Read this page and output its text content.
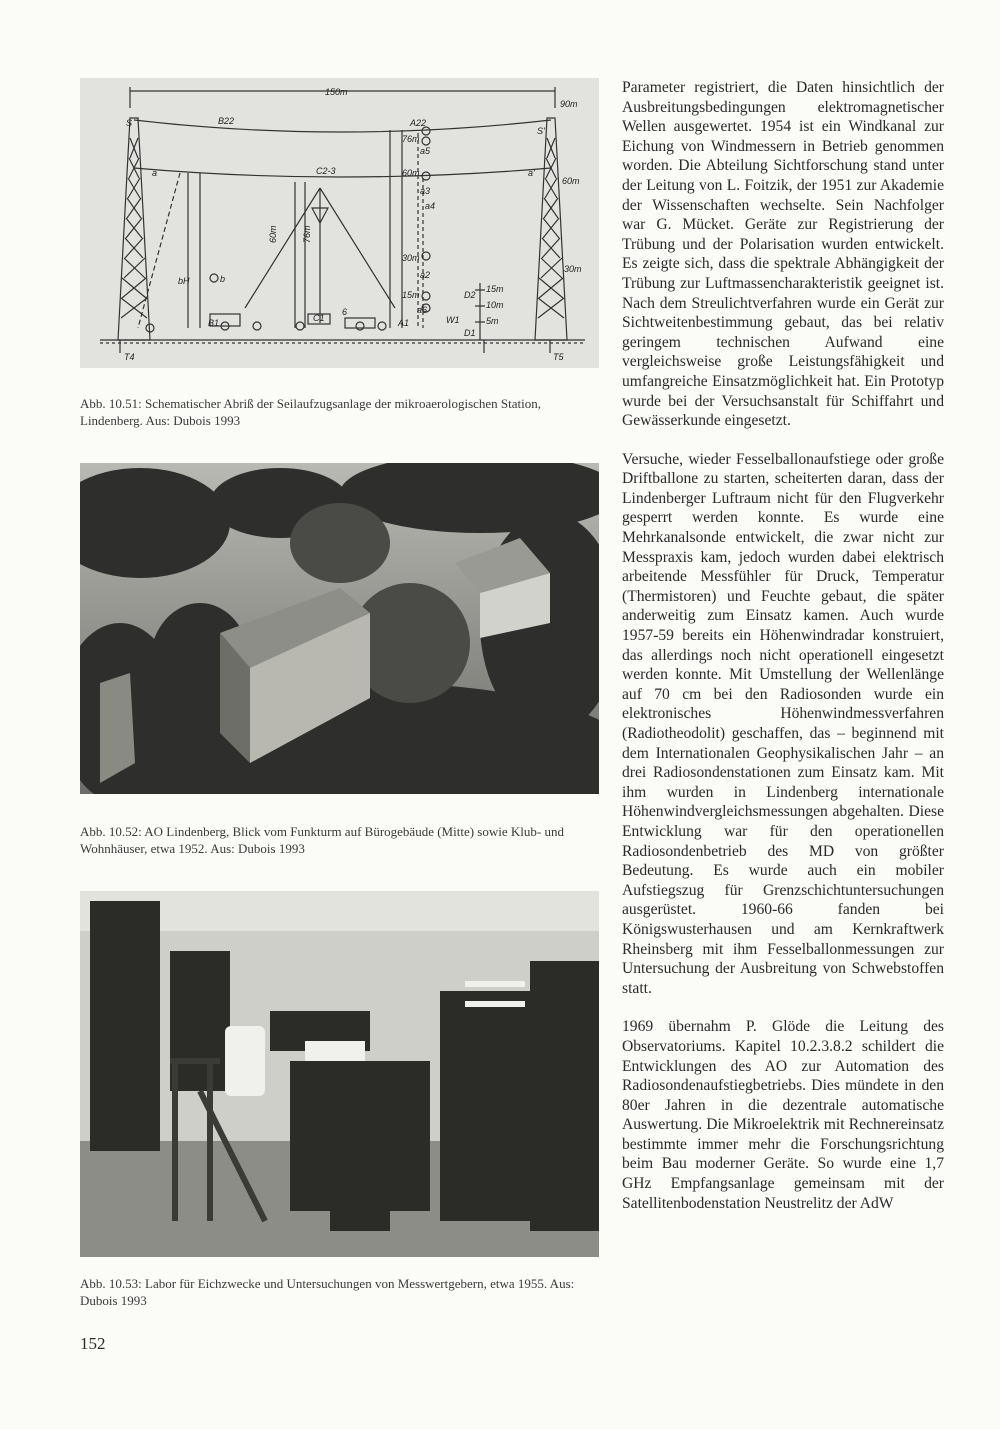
150m
90m
60m
30m
S
S'
a	a'
B22	A22
76m
60m
30m
15m
C2-3
B1	C1
6
A1
bH	b
60m	76m
D2
D1
W1
15m
10m
5m
T4	T5
a2
a3
a4
a5
a6
Abb. 10.51: Schematischer Abriß der Seilaufzugsanlage der mikroaerologischen Station, Lindenberg. Aus: Dubois 1993
Abb. 10.52: AO Lindenberg, Blick vom Funkturm auf Bürogebäude (Mitte) sowie Klub- und Wohnhäuser, etwa 1952. Aus: Dubois 1993
Abb. 10.53: Labor für Eichzwecke und Untersuchungen von Messwertgebern, etwa 1955. Aus: Dubois 1993

Parameter registriert, die Daten hinsichtlich der Ausbreitungsbedingungen elektromagnetischer Wellen ausgewertet. 1954 ist ein Windkanal zur Eichung von Windmessern in Betrieb genommen worden. Die Abteilung Sichtforschung stand unter der Leitung von L. Foitzik, der 1951 zur Akademie der Wissenschaften wechselte. Sein Nachfolger war G. Mücket. Geräte zur Registrierung der Trübung und der Polarisation wurden entwickelt. Es zeigte sich, dass die spektrale Abhängigkeit der Trübung zur Luftmassencharakteristik geeignet ist. Nach dem Streulichtverfahren wurde ein Gerät zur Sichtweitenbestimmung gebaut, das bei relativ geringem technischen Aufwand eine vergleichsweise große Leistungsfähigkeit und umfangreiche Einsatzmöglichkeit hat. Ein Prototyp wurde bei der Versuchsanstalt für Schiffahrt und Gewässerkunde eingesetzt.

Versuche, wieder Fesselballonaufstiege oder große Driftballone zu starten, scheiterten daran, dass der Lindenberger Luftraum nicht für den Flugverkehr gesperrt werden konnte. Es wurde eine Mehrkanalsonde entwickelt, die zwar nicht zur Messpraxis kam, jedoch wurden dabei elektrisch arbeitende Messfühler für Druck, Temperatur (Thermistoren) und Feuchte gebaut, die später anderweitig zum Einsatz kamen. Auch wurde 1957-59 bereits ein Höhenwindradar konstruiert, das allerdings noch nicht operationell eingesetzt werden konnte. Mit Umstellung der Wellenlänge auf 70 cm bei den Radiosonden wurde ein elektronisches Höhenwindmessverfahren (Radiotheodolit) geschaffen, das – beginnend mit dem Internationalen Geophysikalischen Jahr – an drei Radiosondenstationen zum Einsatz kam. Mit ihm wurden in Lindenberg internationale Höhenwindvergleichsmessungen abgehalten. Diese Entwicklung war für den operationellen Radiosondenbetrieb des MD von größter Bedeutung. Es wurde auch ein mobiler Aufstiegszug für Grenzschichtuntersuchungen ausgerüstet. 1960-66 fanden bei Königswusterhausen und am Kernkraftwerk Rheinsberg mit ihm Fesselballonmessungen zur Untersuchung der Ausbreitung von Schwebstoffen statt.

1969 übernahm P. Glöde die Leitung des Observatoriums. Kapitel 10.2.3.8.2 schildert die Entwicklungen des AO zur Automation des Radiosondenaufstiegbetriebs. Dies mündete in den 80er Jahren in die dezentrale automatische Auswertung. Die Mikroelektrik mit Rechnereinsatz bestimmte immer mehr die Forschungsrichtung beim Bau moderner Geräte. So wurde eine 1,7 GHz Empfangsanlage gemeinsam mit der Satellitenbodenstation Neustrelitz der AdW

152
